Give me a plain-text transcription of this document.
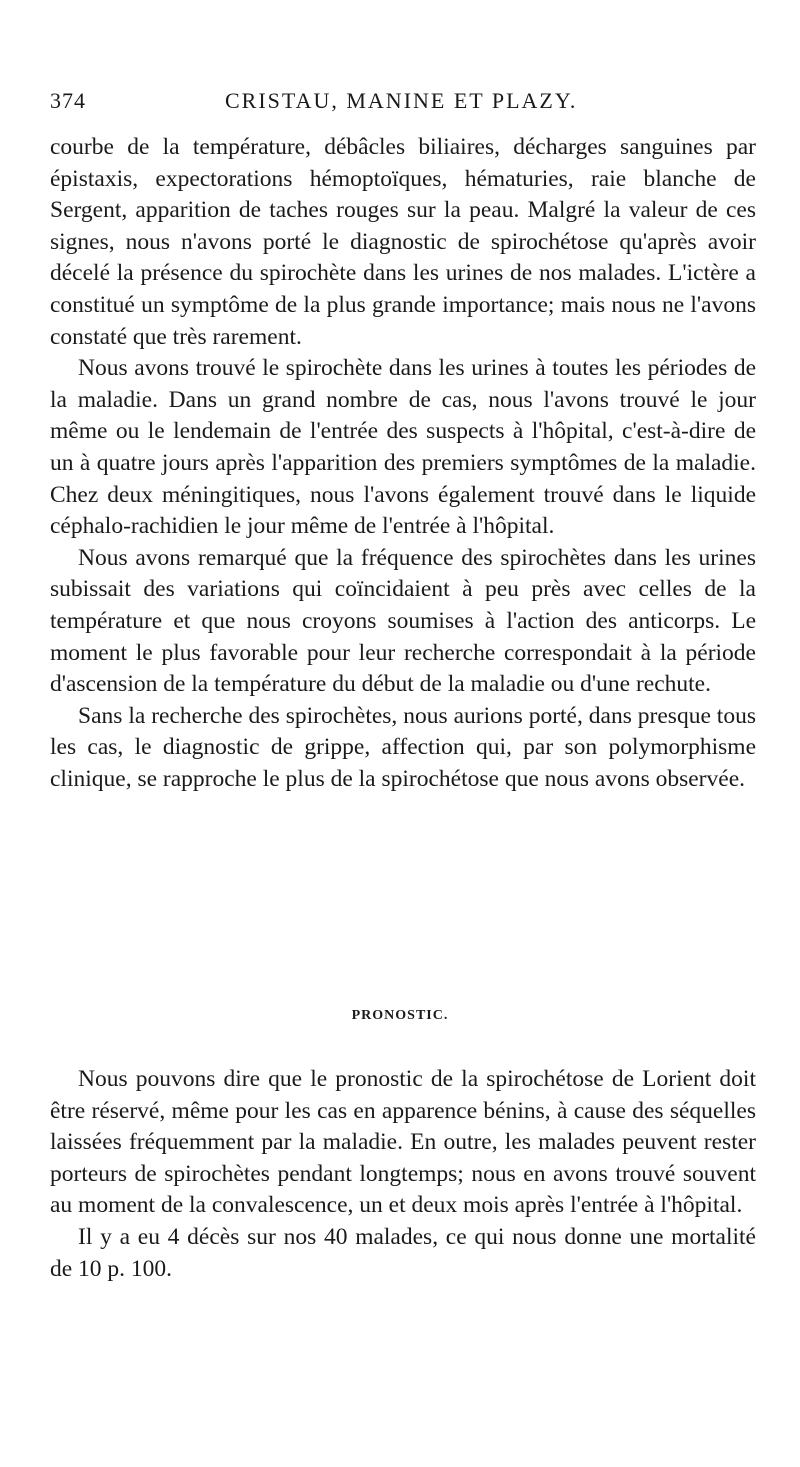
374	CRISTAU, MANINE ET PLAZY.

courbe de la température, débâcles biliaires, décharges sanguines par épistaxis, expectorations hémoptoïques, hématuries, raie blanche de Sergent, apparition de taches rouges sur la peau. Malgré la valeur de ces signes, nous n'avons porté le diagnostic de spirochétose qu'après avoir décelé la présence du spirochète dans les urines de nos malades. L'ictère a constitué un symptôme de la plus grande importance; mais nous ne l'avons constaté que très rarement.

Nous avons trouvé le spirochète dans les urines à toutes les périodes de la maladie. Dans un grand nombre de cas, nous l'avons trouvé le jour même ou le lendemain de l'entrée des suspects à l'hôpital, c'est-à-dire de un à quatre jours après l'apparition des premiers symptômes de la maladie. Chez deux méningitiques, nous l'avons également trouvé dans le liquide céphalo-rachidien le jour même de l'entrée à l'hôpital.

Nous avons remarqué que la fréquence des spirochètes dans les urines subissait des variations qui coïncidaient à peu près avec celles de la température et que nous croyons soumises à l'action des anticorps. Le moment le plus favorable pour leur recherche correspondait à la période d'ascension de la température du début de la maladie ou d'une rechute.

Sans la recherche des spirochètes, nous aurions porté, dans presque tous les cas, le diagnostic de grippe, affection qui, par son polymorphisme clinique, se rapproche le plus de la spirochétose que nous avons observée.

PRONOSTIC.

Nous pouvons dire que le pronostic de la spirochétose de Lorient doit être réservé, même pour les cas en apparence bénins, à cause des séquelles laissées fréquemment par la maladie. En outre, les malades peuvent rester porteurs de spirochètes pendant longtemps; nous en avons trouvé souvent au moment de la convalescence, un et deux mois après l'entrée à l'hôpital.

Il y a eu 4 décès sur nos 40 malades, ce qui nous donne une mortalité de 10 p. 100.
